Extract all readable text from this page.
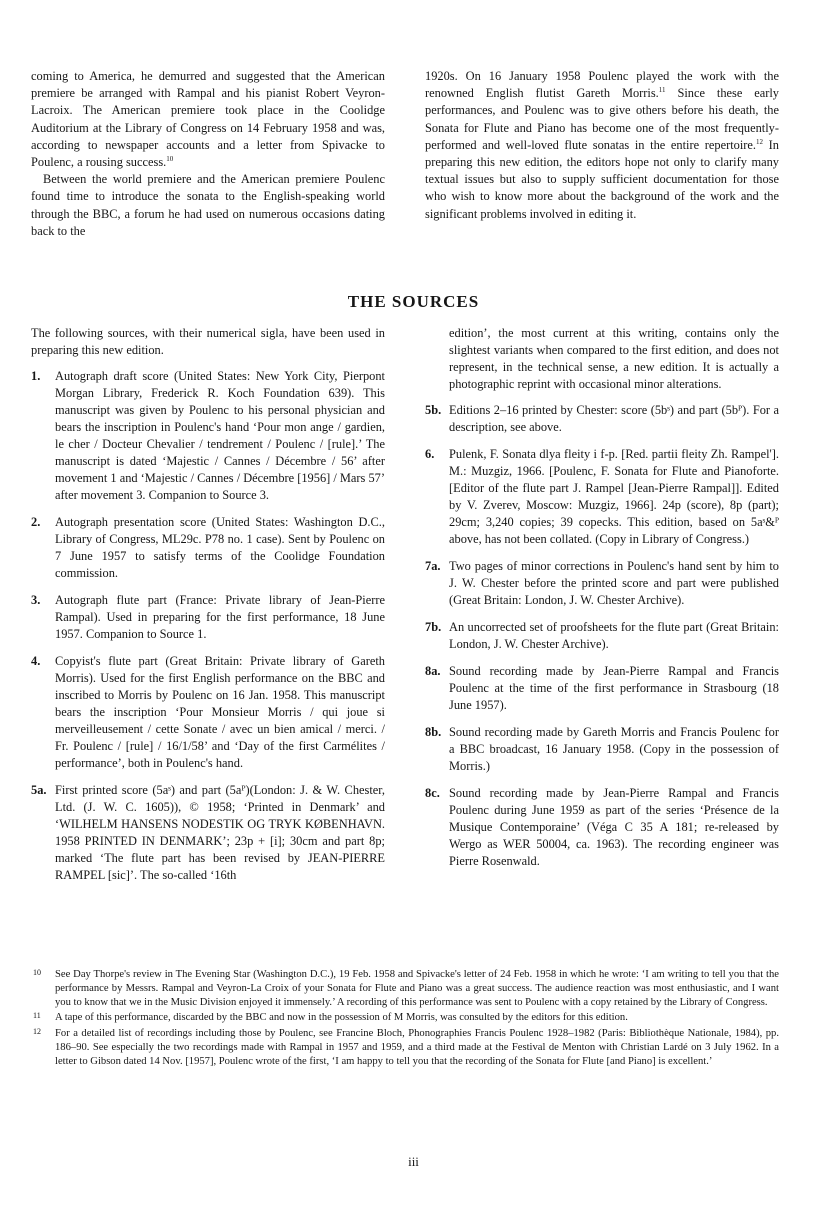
coming to America, he demurred and suggested that the American premiere be arranged with Rampal and his pianist Robert Veyron-Lacroix. The American premiere took place in the Coolidge Auditorium at the Library of Congress on 14 February 1958 and was, according to newspaper accounts and a letter from Spivacke to Poulenc, a rousing success.$^{10}$

Between the world premiere and the American premiere Poulenc found time to introduce the sonata to the English-speaking world through the BBC, a forum he had used on numerous occasions dating back to the

1920s. On 16 January 1958 Poulenc played the work with the renowned English flutist Gareth Morris.$^{11}$ Since these early performances, and Poulenc was to give others before his death, the Sonata for Flute and Piano has become one of the most frequently-performed and well-loved flute sonatas in the entire repertoire.$^{12}$ In preparing this new edition, the editors hope not only to clarify many textual issues but also to supply sufficient documentation for those who wish to know more about the background of the work and the significant problems involved in editing it.

THE SOURCES

The following sources, with their numerical sigla, have been used in preparing this new edition.

1.	Autograph draft score (United States: New York City, Pierpont Morgan Library, Frederick R. Koch Foundation 639). This manuscript was given by Poulenc to his personal physician and bears the inscription in Poulenc's hand ‘Pour mon ange / gardien, le cher / Docteur Chevalier / tendrement / Poulenc / [rule].’ The manuscript is dated ‘Majestic / Cannes / Décembre / 56’ after movement 1 and ‘Majestic / Cannes / Décembre [1956] / Mars 57’ after movement 3. Companion to Source 3.
2.	Autograph presentation score (United States: Washington D.C., Library of Congress, ML29c. P78 no. 1 case). Sent by Poulenc on 7 June 1957 to satisfy terms of the Coolidge Foundation commission.
3.	Autograph flute part (France: Private library of Jean-Pierre Rampal). Used in preparing for the first performance, 18 June 1957. Companion to Source 1.
4.	Copyist's flute part (Great Britain: Private library of Gareth Morris). Used for the first English performance on the BBC and inscribed to Morris by Poulenc on 16 Jan. 1958. This manuscript bears the inscription ‘Pour Monsieur Morris / qui joue si merveilleusement / cette Sonate / avec un bien amical / merci. / Fr. Poulenc / [rule] / 16/1/58’ and ‘Day of the first Carmélites / performance’, both in Poulenc's hand.
5a. First printed score (5aˢ) and part (5aᴾ)(London: J. & W. Chester, Ltd. (J. W. C. 1605)), © 1958; ‘Printed in Denmark’ and ‘WILHELM HANSENS NODESTIK OG TRYK KØBENHAVN. 1958 PRINTED IN DENMARK’; 23p + [i]; 30cm and part 8p; marked ‘The flute part has been revised by JEAN-PIERRE RAMPEL [sic]’. The so-called ‘16th

edition’, the most current at this writing, contains only the slightest variants when compared to the first edition, and does not represent, in the technical sense, a new edition. It is actually a photographic reprint with occasional minor alterations.

5b. Editions 2–16 printed by Chester: score (5bˢ) and part (5bᴾ). For a description, see above.
6.	Pulenk, F. Sonata dlya fleity i f-p. [Red. partii fleity Zh. Rampel']. M.: Muzgiz, 1966. [Poulenc, F. Sonata for Flute and Pianoforte. [Editor of the flute part J. Rampel [Jean-Pierre Rampal]]. Edited by V. Zverev, Moscow: Muzgiz, 1966]. 24p (score), 8p (part); 29cm; 3,240 copies; 39 copecks. This edition, based on 5aˢ&ᴾ above, has not been collated. (Copy in Library of Congress.)
7a. Two pages of minor corrections in Poulenc's hand sent by him to J. W. Chester before the printed score and part were published (Great Britain: London, J. W. Chester Archive).
7b. An uncorrected set of proofsheets for the flute part (Great Britain: London, J. W. Chester Archive).
8a. Sound recording made by Jean-Pierre Rampal and Francis Poulenc at the time of the first performance in Strasbourg (18 June 1957).
8b. Sound recording made by Gareth Morris and Francis Poulenc for a BBC broadcast, 16 January 1958. (Copy in the possession of Morris.)
8c. Sound recording made by Jean-Pierre Rampal and Francis Poulenc during June 1959 as part of the series ‘Présence de la Musique Contemporaine’ (Véga C 35 A 181; re-released by Wergo as WER 50004, ca. 1963). The recording engineer was Pierre Rosenwald.
10	See Day Thorpe's review in The Evening Star (Washington D.C.), 19 Feb. 1958 and Spivacke's letter of 24 Feb. 1958 in which he wrote: ‘I am writing to tell you that the performance by Messrs. Rampal and Veyron-La Croix of your Sonata for Flute and Piano was a great success. The audience reaction was most enthusiastic, and I want you to know that we in the Music Division enjoyed it immensely.’ A recording of this performance was sent to Poulenc with a copy retained by the Library of Congress.
11	A tape of this performance, discarded by the BBC and now in the possession of M Morris, was consulted by the editors for this edition.
12	For a detailed list of recordings including those by Poulenc, see Francine Bloch, Phonographies Francis Poulenc 1928–1982 (Paris: Bibliothèque Nationale, 1984), pp. 186–90. See especially the two recordings made with Rampal in 1957 and 1959, and a third made at the Festival de Menton with Christian Lardé on 3 July 1962. In a letter to Gibson dated 14 Nov. [1957], Poulenc wrote of the first, ‘I am happy to tell you that the recording of the Sonata for Flute [and Piano] is excellent.’
iii
